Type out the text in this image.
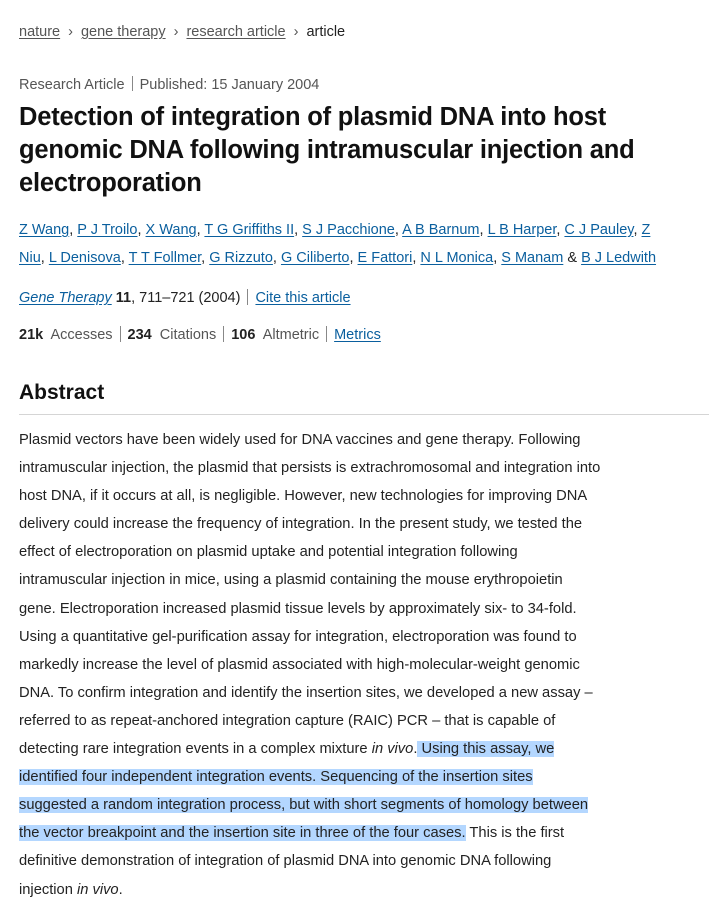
nature › gene therapy › research article › article
Research Article Published: 15 January 2004
Detection of integration of plasmid DNA into host
genomic DNA following intramuscular injection and
electroporation
Z Wang, P J Troilo, X Wang, T G Griffiths II, S J Pacchione, A B Barnum, L B Harper, C J Pauley, Z
Niu, L Denisova, T T Follmer, G Rizzuto, G Ciliberto, E Fattori, N L Monica, S Manam & B J Ledwith
Gene Therapy 11, 711–721 (2004) Cite this article
21k Accesses 234 Citations 106 Altmetric Metrics
Abstract
Plasmid vectors have been widely used for DNA vaccines and gene therapy. Following
intramuscular injection, the plasmid that persists is extrachromosomal and integration into
host DNA, if it occurs at all, is negligible. However, new technologies for improving DNA
delivery could increase the frequency of integration. In the present study, we tested the
effect of electroporation on plasmid uptake and potential integration following
intramuscular injection in mice, using a plasmid containing the mouse erythropoietin
gene. Electroporation increased plasmid tissue levels by approximately six- to 34-fold.
Using a quantitative gel-purification assay for integration, electroporation was found to
markedly increase the level of plasmid associated with high-molecular-weight genomic
DNA. To confirm integration and identify the insertion sites, we developed a new assay –
referred to as repeat-anchored integration capture (RAIC) PCR – that is capable of
detecting rare integration events in a complex mixture in vivo. Using this assay, we
identified four independent integration events. Sequencing of the insertion sites
suggested a random integration process, but with short segments of homology between
the vector breakpoint and the insertion site in three of the four cases. This is the first
definitive demonstration of integration of plasmid DNA into genomic DNA following
injection in vivo.
